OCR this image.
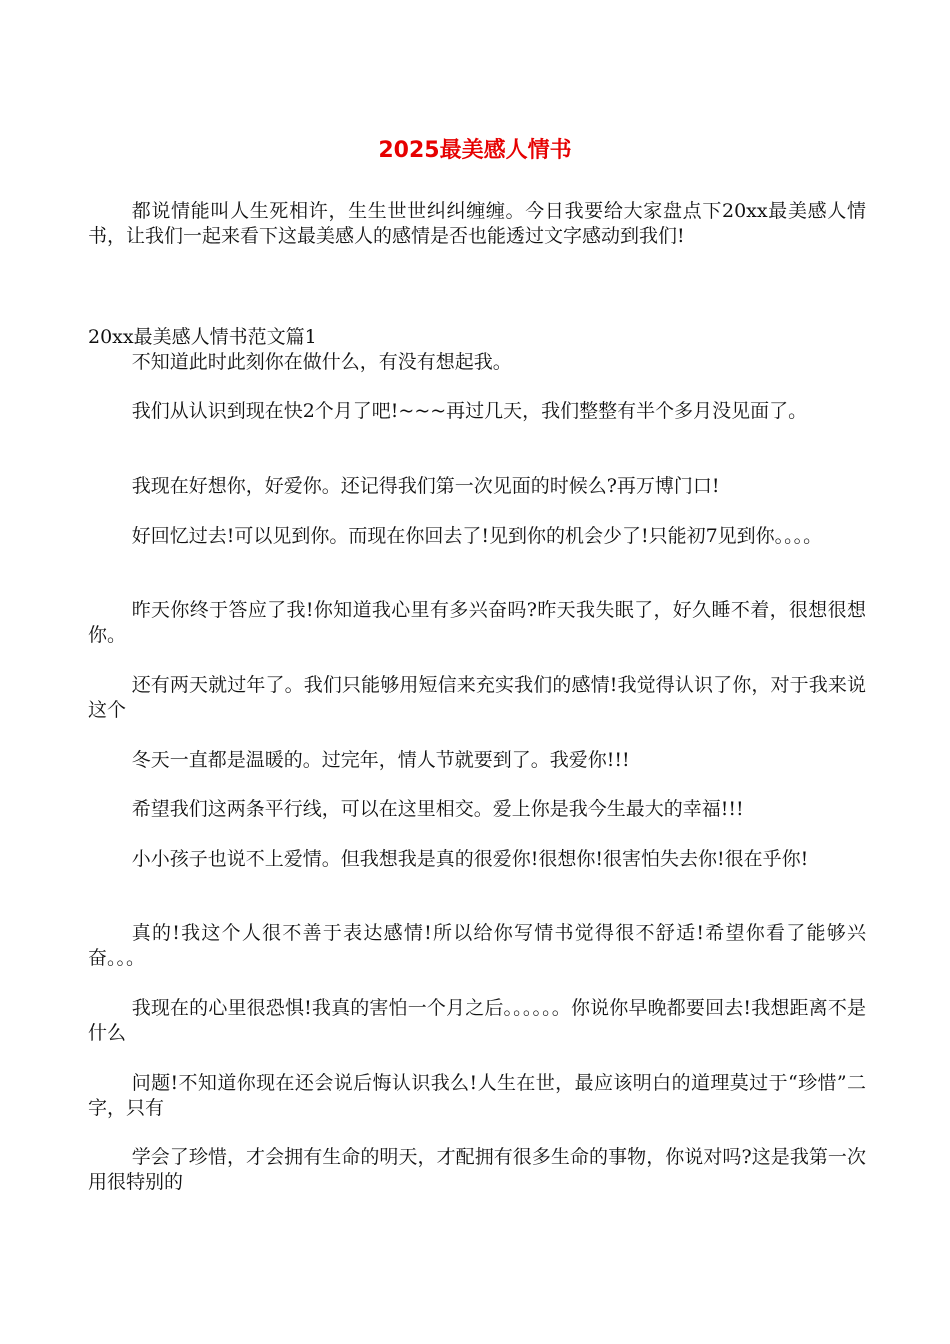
2025最美感人情书

都说情能叫人生死相许，生生世世纠纠缠缠。今日我要给大家盘点下20xx最美感人情书，让我们一起来看下这最美感人的感情是否也能透过文字感动到我们!

20xx最美感人情书范文篇1

不知道此时此刻你在做什么，有没有想起我。

我们从认识到现在快2个月了吧!~~~再过几天，我们整整有半个多月没见面了。

我现在好想你，好爱你。还记得我们第一次见面的时候么?再万博门口!

好回忆过去!可以见到你。而现在你回去了!见到你的机会少了!只能初7见到你。。。。

昨天你终于答应了我!你知道我心里有多兴奋吗?昨天我失眠了，好久睡不着，很想很想你。

还有两天就过年了。我们只能够用短信来充实我们的感情!我觉得认识了你，对于我来说这个

冬天一直都是温暖的。过完年，情人节就要到了。我爱你!!!

希望我们这两条平行线，可以在这里相交。爱上你是我今生最大的幸福!!!

小小孩子也说不上爱情。但我想我是真的很爱你!很想你!很害怕失去你!很在乎你!

真的!我这个人很不善于表达感情!所以给你写情书觉得很不舒适!希望你看了能够兴奋。。。

我现在的心里很恐惧!我真的害怕一个月之后。。。。。。你说你早晚都要回去!我想距离不是什么

问题!不知道你现在还会说后悔认识我么!人生在世，最应该明白的道理莫过于“珍惜”二字，只有

学会了珍惜，才会拥有生命的明天，才配拥有很多生命的事物，你说对吗?这是我第一次用很特别的
